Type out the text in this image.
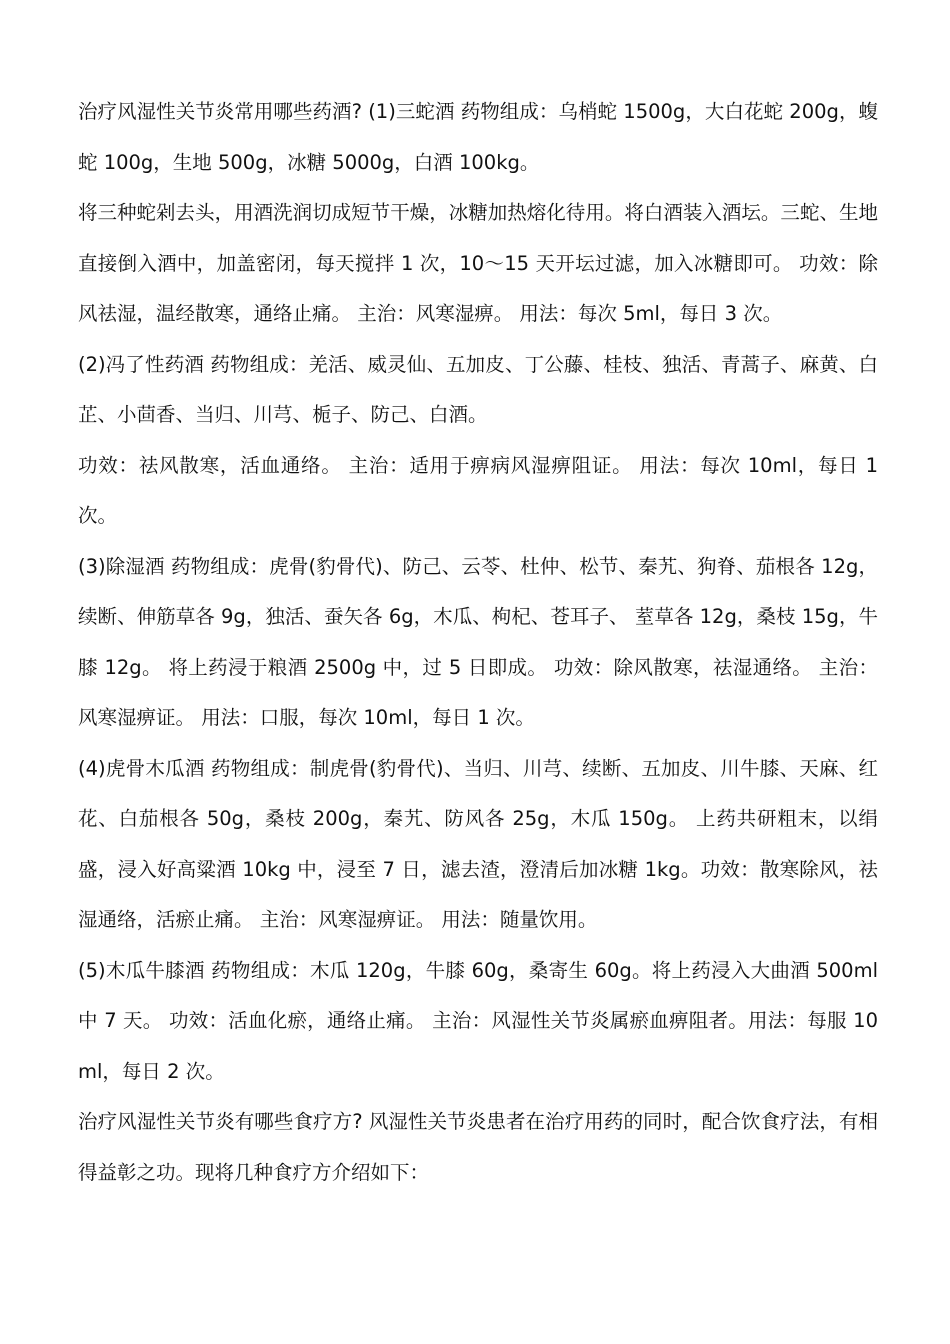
治疗风湿性关节炎常用哪些药酒? (1)三蛇酒 药物组成：乌梢蛇 1500g，大白花蛇 200g，蝮蛇 100g，生地 500g，冰糖 5000g，白酒 100kg。

将三种蛇剁去头，用酒洗润切成短节干燥，冰糖加热熔化待用。将白酒装入酒坛。三蛇、生地直接倒入酒中，加盖密闭，每天搅拌 1 次，10～15 天开坛过滤，加入冰糖即可。 功效：除风祛湿，温经散寒，通络止痛。 主治：风寒湿痹。 用法：每次 5ml，每日 3 次。

(2)冯了性药酒 药物组成：羌活、威灵仙、五加皮、丁公藤、桂枝、独活、青蒿子、麻黄、白芷、小茴香、当归、川芎、栀子、防己、白酒。

功效：祛风散寒，活血通络。 主治：适用于痹病风湿痹阻证。 用法：每次 10ml，每日 1 次。

(3)除湿酒 药物组成：虎骨(豹骨代)、防己、云苓、杜仲、松节、秦艽、狗脊、茄根各 12g，续断、伸筋草各 9g，独活、蚕矢各 6g，木瓜、枸杞、苍耳子、 荎草各 12g，桑枝 15g，牛膝 12g。 将上药浸于粮酒 2500g 中，过 5 日即成。 功效：除风散寒，祛湿通络。 主治：风寒湿痹证。 用法：口服，每次 10ml，每日 1 次。

(4)虎骨木瓜酒 药物组成：制虎骨(豹骨代)、当归、川芎、续断、五加皮、川牛膝、天麻、红花、白茄根各 50g，桑枝 200g，秦艽、防风各 25g，木瓜 150g。 上药共研粗末，以绢盛，浸入好高粱酒 10kg 中，浸至 7 日，滤去渣，澄清后加冰糖 1kg。功效：散寒除风，祛湿通络，活瘀止痛。 主治：风寒湿痹证。 用法：随量饮用。

(5)木瓜牛膝酒 药物组成：木瓜 120g，牛膝 60g，桑寄生 60g。将上药浸入大曲酒 500ml 中 7 天。 功效：活血化瘀，通络止痛。 主治：风湿性关节炎属瘀血痹阻者。用法：每服 10ml，每日 2 次。

治疗风湿性关节炎有哪些食疗方? 风湿性关节炎患者在治疗用药的同时，配合饮食疗法，有相得益彰之功。现将几种食疗方介绍如下：
